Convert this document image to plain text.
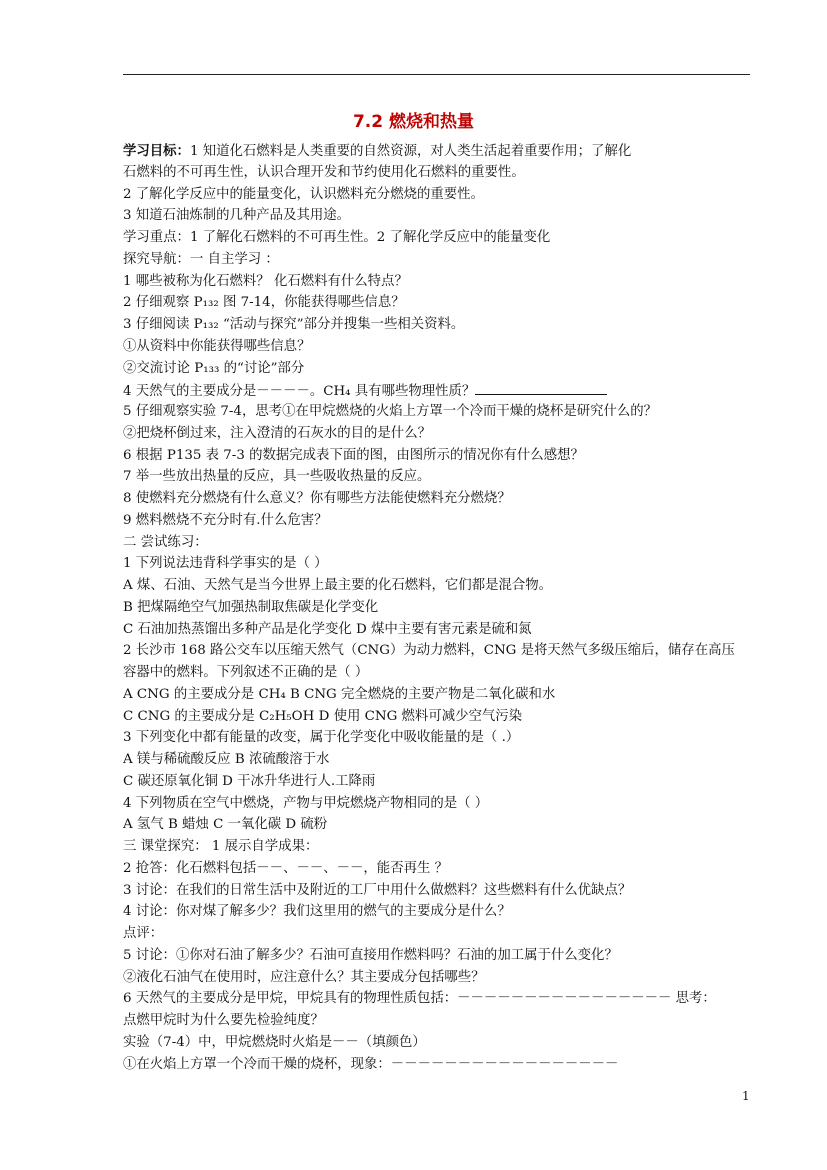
7.2 燃烧和热量
学习目标：1 知道化石燃料是人类重要的自然资源，对人类生活起着重要作用；了解化
石燃料的不可再生性，认识合理开发和节约使用化石燃料的重要性。
2 了解化学反应中的能量变化，认识燃料充分燃烧的重要性。
3 知道石油炼制的几种产品及其用途。
学习重点：1 了解化石燃料的不可再生性。2 了解化学反应中的能量变化
探究导航：一 自主学习 ：
1 哪些被称为化石燃料？ 化石燃料有什么特点？
2 仔细观察 P₁₃₂ 图 7-14，你能获得哪些信息？
3 仔细阅读 P₁₃₂ “活动与探究”部分并搜集一些相关资料。
①从资料中你能获得哪些信息？
②交流讨论 P₁₃₃ 的“讨论”部分
4 天然气的主要成分是－－－－。CH₄ 具有哪些物理性质？
5 仔细观察实验 7-4，思考①在甲烷燃烧的火焰上方罩一个冷而干燥的烧杯是研究什么的？
②把烧杯倒过来，注入澄清的石灰水的目的是什么？
6 根据 P135 表 7-3 的数据完成表下面的图，由图所示的情况你有什么感想？
7 举一些放出热量的反应，具一些吸收热量的反应。
8 使燃料充分燃烧有什么意义？你有哪些方法能使燃料充分燃烧？
9 燃料燃烧不充分时有.什么危害？
二 尝试练习：
1 下列说法违背科学事实的是（ ）
A 煤、石油、天然气是当今世界上最主要的化石燃料，它们都是混合物。
B 把煤隔绝空气加强热制取焦碳是化学变化
C 石油加热蒸馏出多种产品是化学变化 D 煤中主要有害元素是硫和氮
2 长沙市 168 路公交车以压缩天然气（CNG）为动力燃料，CNG 是将天然气多级压缩后，储存在高压
容器中的燃料。下列叙述不正确的是（ ）
A CNG 的主要成分是 CH₄ B CNG 完全燃烧的主要产物是二氧化碳和水
C CNG 的主要成分是 C₂H₅OH D 使用 CNG 燃料可减少空气污染
3 下列变化中都有能量的改变，属于化学变化中吸收能量的是（ .）
A 镁与稀硫酸反应 B 浓硫酸溶于水
C 碳还原氧化铜 D 干冰升华进行人.工降雨
4 下列物质在空气中燃烧，产物与甲烷燃烧产物相同的是（ ）
A 氢气 B 蜡烛 C 一氧化碳 D 硫粉
三 课堂探究： 1 展示自学成果：
2 抢答：化石燃料包括－－、－－、－－，能否再生 ？
3 讨论：在我们的日常生活中及附近的工厂中用什么做燃料？这些燃料有什么优缺点？
4 讨论：你对煤了解多少？我们这里用的燃气的主要成分是什么？
点评：
5 讨论：①你对石油了解多少？石油可直接用作燃料吗？石油的加工属于什么变化？
②液化石油气在使用时，应注意什么？其主要成分包括哪些？
6 天然气的主要成分是甲烷，甲烷具有的物理性质包括：－－－－－－－－－－－－－－－－ 思考：
点燃甲烷时为什么要先检验纯度？
实验（7-4）中，甲烷燃烧时火焰是－－（填颜色）
①在火焰上方罩一个冷而干燥的烧杯，现象：－－－－－－－－－－－－－－－－－
1
